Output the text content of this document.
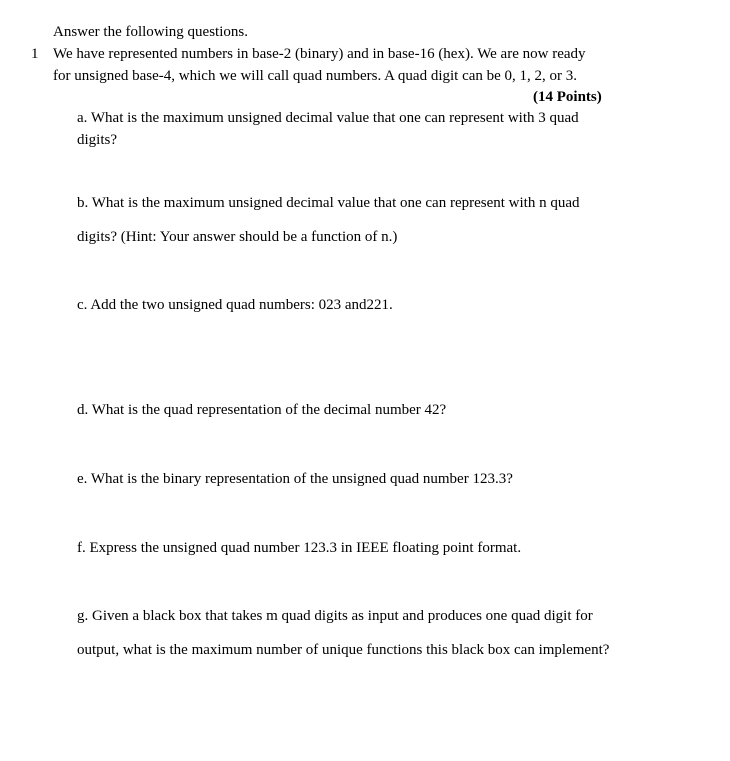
Answer the following questions.
1 We have represented numbers in base-2 (binary) and in base-16 (hex). We are now ready
for unsigned base-4, which we will call quad numbers. A quad digit can be 0, 1, 2, or 3.
(14 Points)
a. What is the maximum unsigned decimal value that one can represent with 3 quad
digits?
b. What is the maximum unsigned decimal value that one can represent with n quad
digits? (Hint: Your answer should be a function of n.)
c. Add the two unsigned quad numbers: 023 and221.
d. What is the quad representation of the decimal number 42?
e. What is the binary representation of the unsigned quad number 123.3?
f. Express the unsigned quad number 123.3 in IEEE floating point format.
g. Given a black box that takes m quad digits as input and produces one quad digit for
output, what is the maximum number of unique functions this black box can implement?
